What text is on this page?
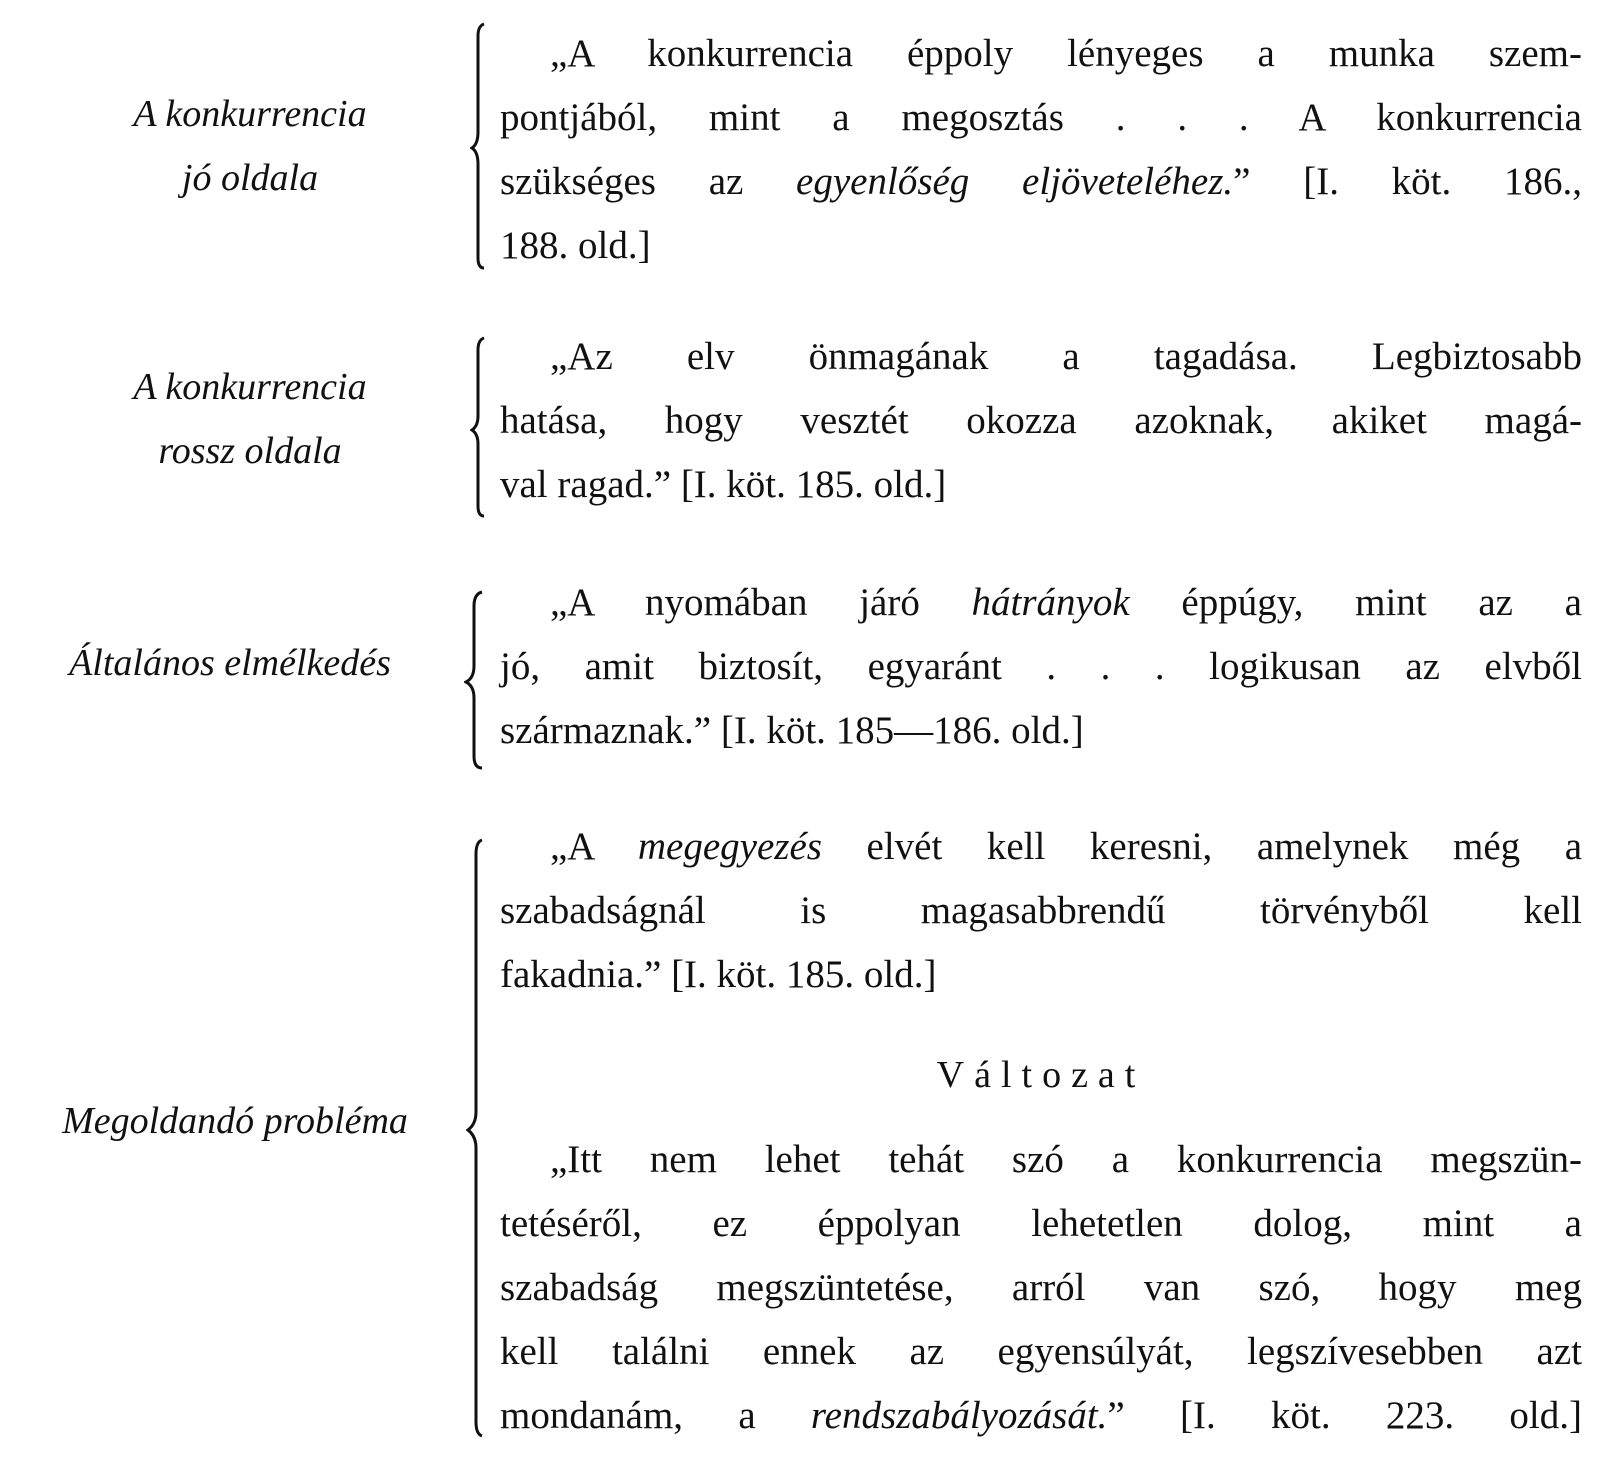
A konkurrencia
jó oldala
„A konkurrencia éppoly lényeges a munka szem-
pontjából, mint a megosztás . . . A konkurrencia
szükséges az egyenlőség eljöveteléhez.” [I. köt. 186.,
188. old.]
A konkurrencia
rossz oldala
„Az elv önmagának a tagadása. Legbiztosabb
hatása, hogy vesztét okozza azoknak, akiket magá-
val ragad.” [I. köt. 185. old.]
Általános elmélkedés
„A nyomában járó hátrányok éppúgy, mint az a
jó, amit biztosít, egyaránt . . . logikusan az elvből
származnak.” [I. köt. 185—186. old.]
Megoldandó probléma
„A megegyezés elvét kell keresni, amelynek még a
szabadságnál is magasabbrendű törvényből kell
fakadnia.” [I. köt. 185. old.]
Változat
„Itt nem lehet tehát szó a konkurrencia megszün-
tetéséről, ez éppolyan lehetetlen dolog, mint a
szabadság megszüntetése, arról van szó, hogy meg
kell találni ennek az egyensúlyát, legszívesebben azt
mondanám, a rendszabályozását.” [I. köt. 223. old.]
